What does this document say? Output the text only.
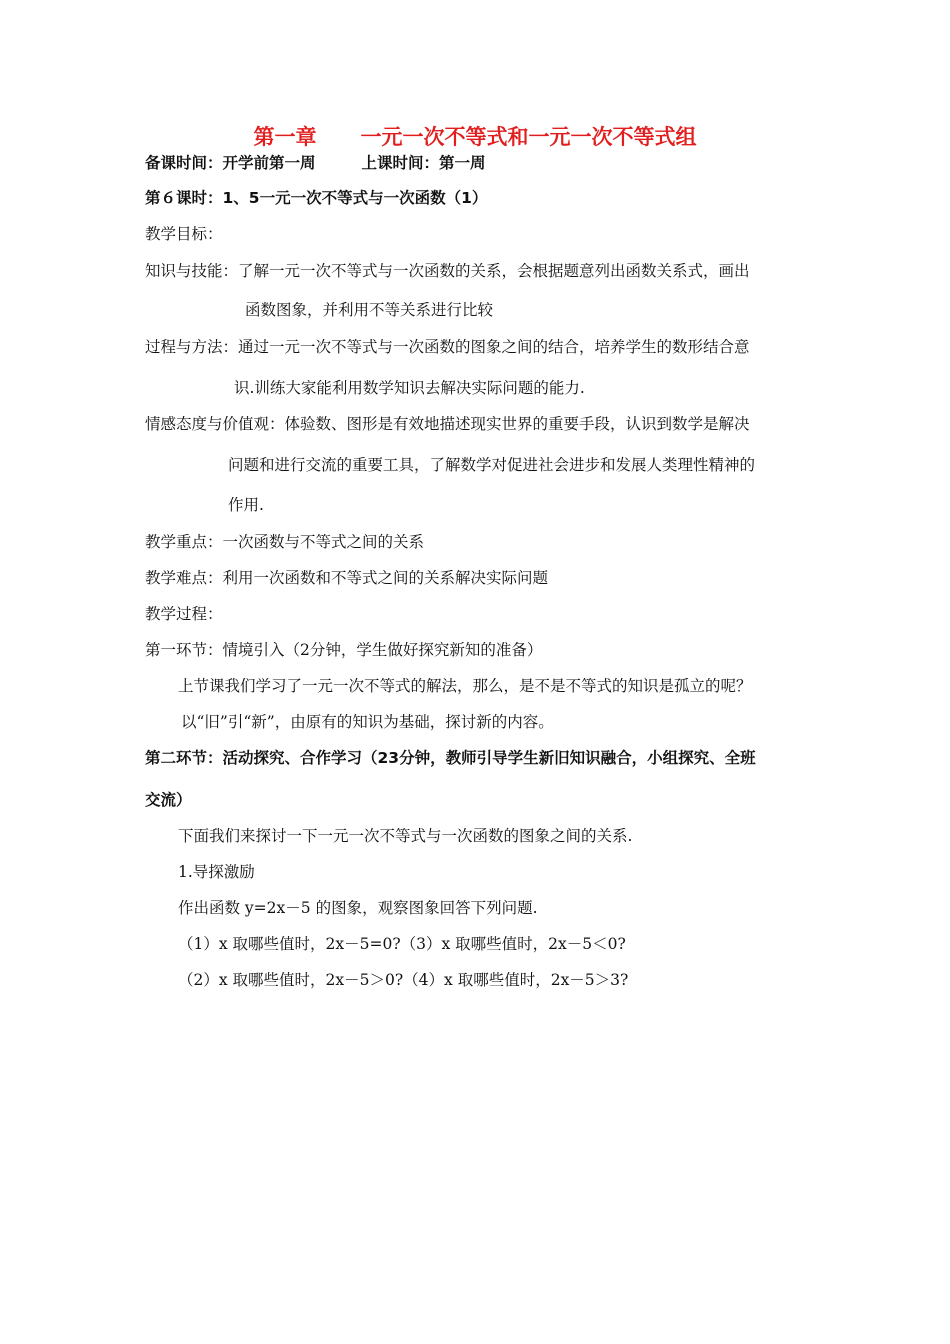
第一章 一元一次不等式和一元一次不等式组
备课时间：开学前第一周	上课时间：第一周
第６课时：1、5一元一次不等式与一次函数（1）
教学目标：
知识与技能：了解一元一次不等式与一次函数的关系，会根据题意列出函数关系式，画出
函数图象，并利用不等关系进行比较
过程与方法：通过一元一次不等式与一次函数的图象之间的结合，培养学生的数形结合意
识.训练大家能利用数学知识去解决实际问题的能力.
情感态度与价值观：体验数、图形是有效地描述现实世界的重要手段，认识到数学是解决
问题和进行交流的重要工具，了解数学对促进社会进步和发展人类理性精神的
作用.
教学重点：一次函数与不等式之间的关系
教学难点：利用一次函数和不等式之间的关系解决实际问题
教学过程：
第一环节：情境引入（2分钟，学生做好探究新知的准备）
上节课我们学习了一元一次不等式的解法，那么，是不是不等式的知识是孤立的呢？
以“旧”引“新”，由原有的知识为基础，探讨新的内容。
第二环节：活动探究、合作学习（23分钟，教师引导学生新旧知识融合，小组探究、全班
交流）
下面我们来探讨一下一元一次不等式与一次函数的图象之间的关系.
1.导探激励
作出函数 y=2x－5 的图象，观察图象回答下列问题.
（1）x 取哪些值时，2x－5=0?（3）x 取哪些值时，2x－5＜0?
（2）x 取哪些值时，2x－5＞0?（4）x 取哪些值时，2x－5＞3?
